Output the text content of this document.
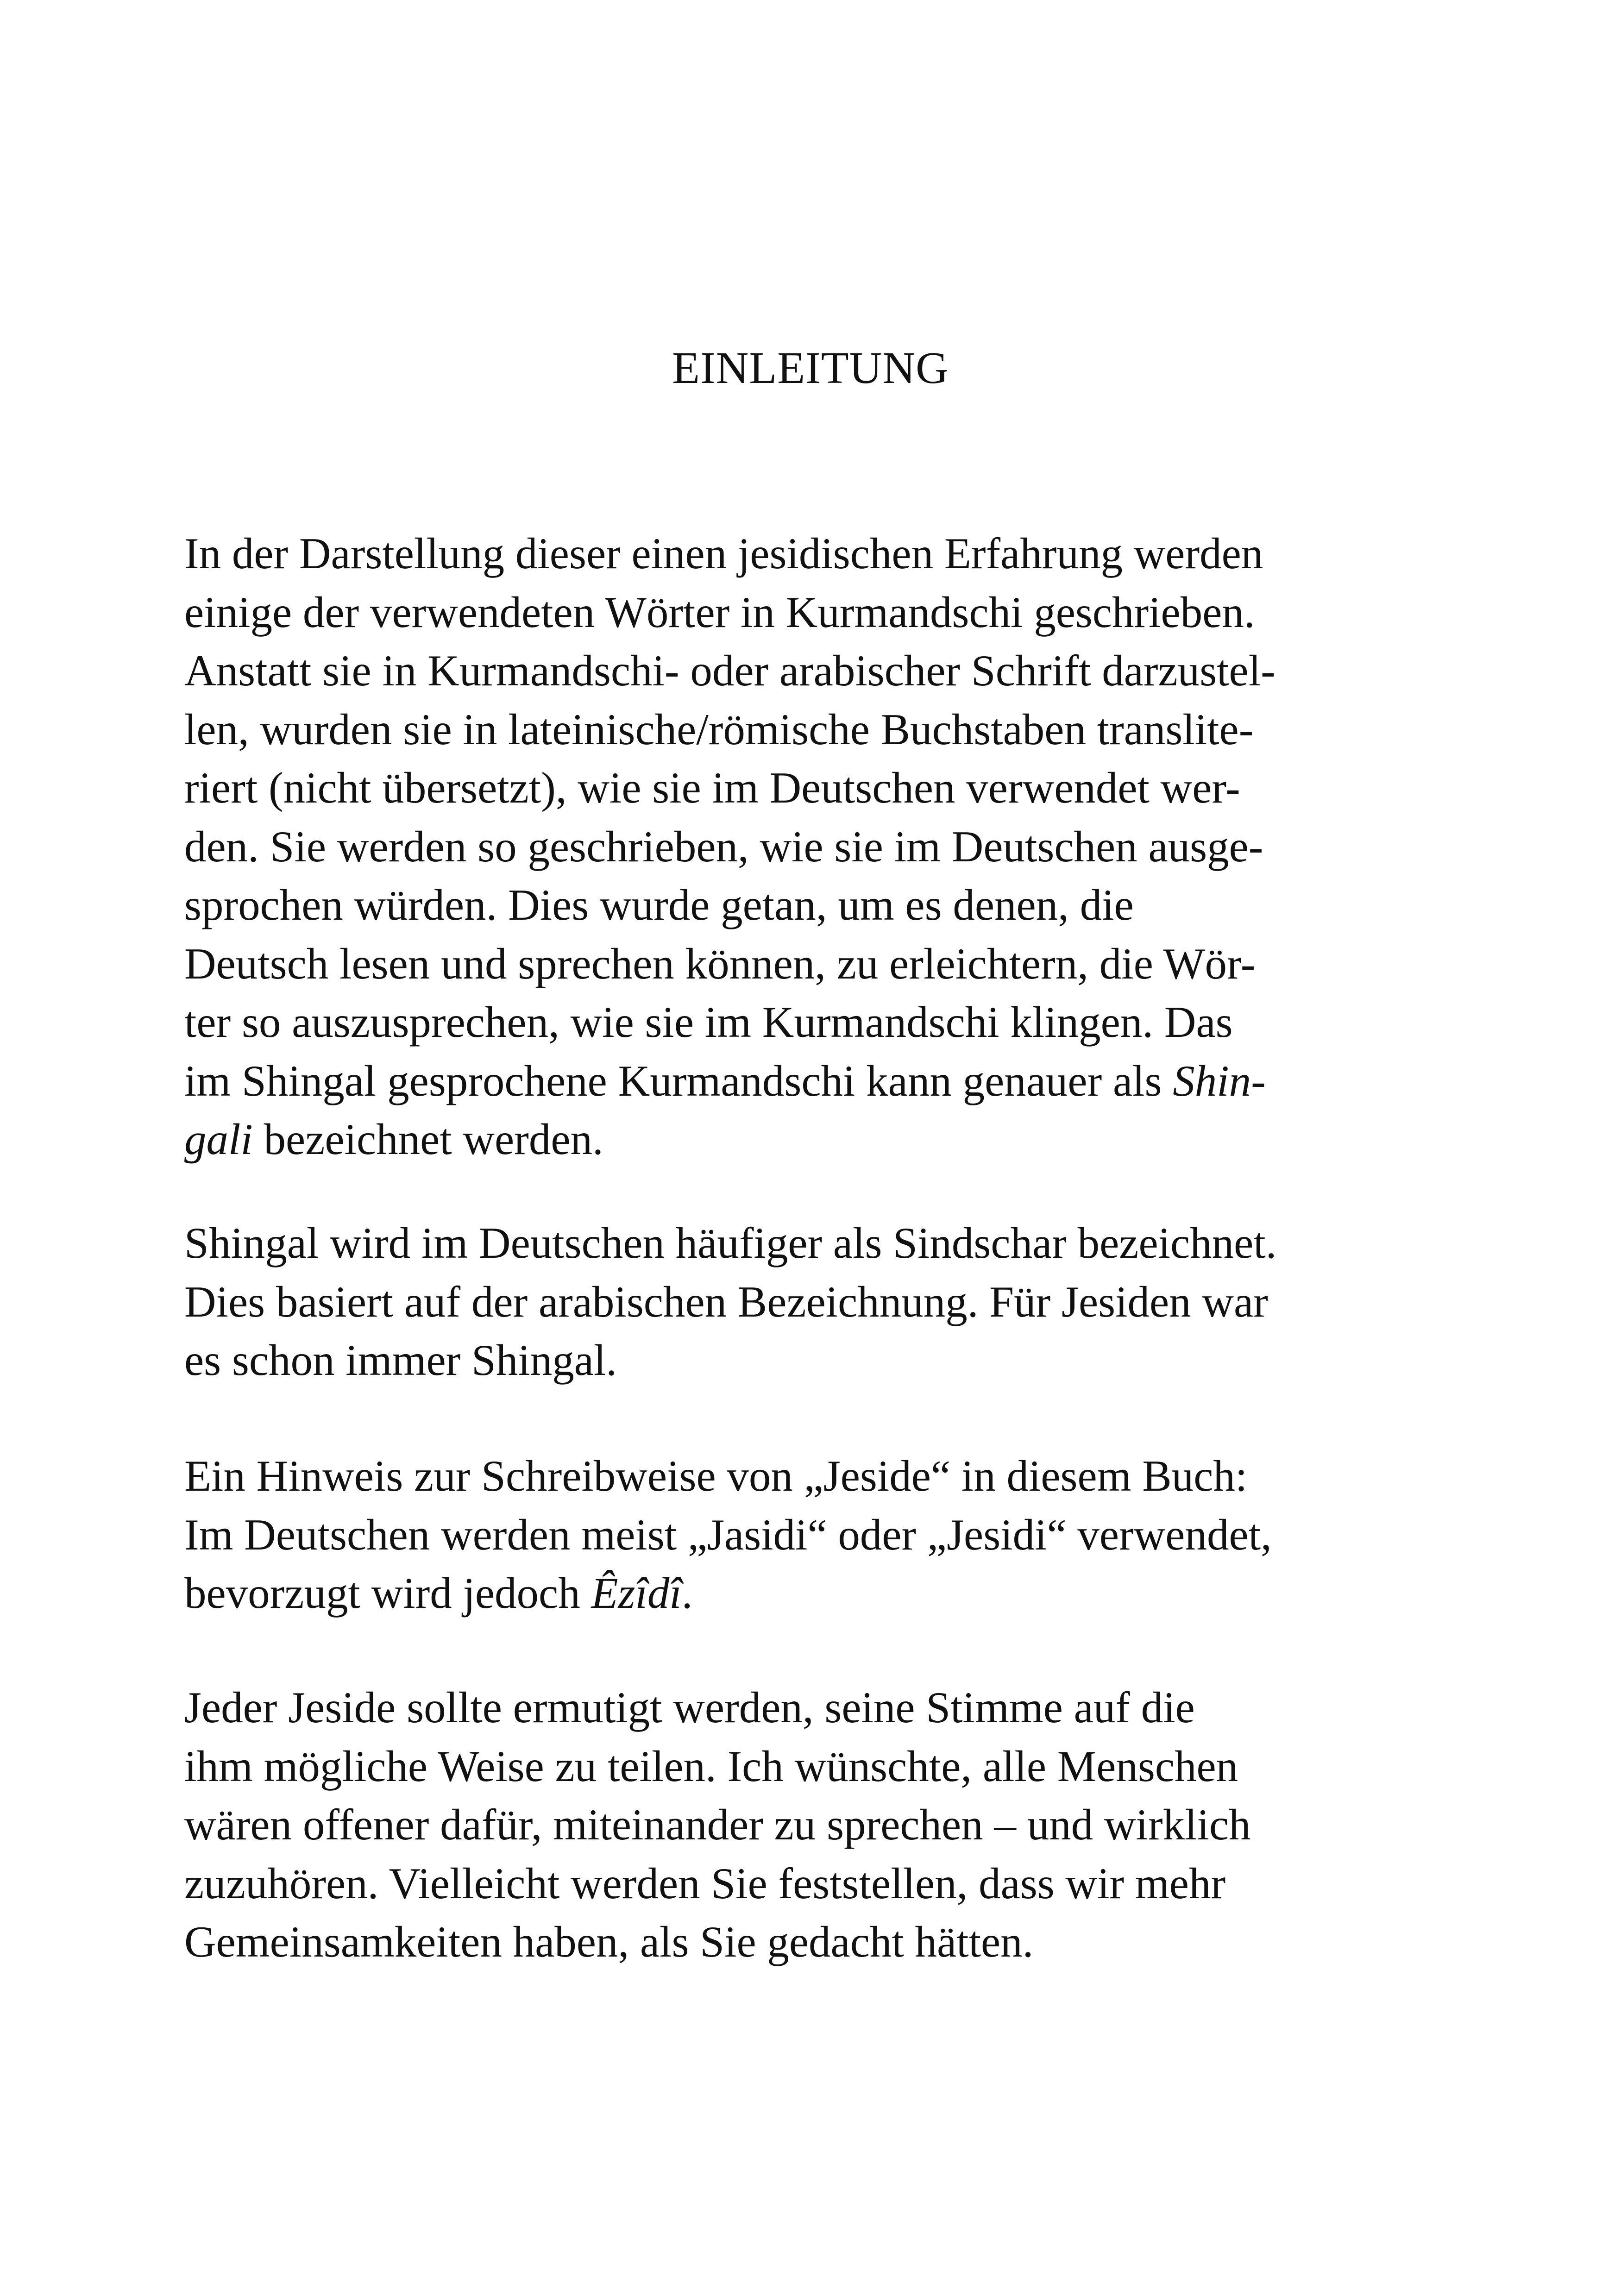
EINLEITUNG

In der Darstellung dieser einen jesidischen Erfahrung werden
einige der verwendeten Wörter in Kurmandschi geschrieben.
Anstatt sie in Kurmandschi- oder arabischer Schrift darzustel-
len, wurden sie in lateinische/römische Buchstaben translite-
riert (nicht übersetzt), wie sie im Deutschen verwendet wer-
den. Sie werden so geschrieben, wie sie im Deutschen ausge-
sprochen würden. Dies wurde getan, um es denen, die
Deutsch lesen und sprechen können, zu erleichtern, die Wör-
ter so auszusprechen, wie sie im Kurmandschi klingen. Das
im Shingal gesprochene Kurmandschi kann genauer als Shin-
gali bezeichnet werden.

Shingal wird im Deutschen häufiger als Sindschar bezeichnet.
Dies basiert auf der arabischen Bezeichnung. Für Jesiden war
es schon immer Shingal.

Ein Hinweis zur Schreibweise von „Jeside“ in diesem Buch:
Im Deutschen werden meist „Jasidi“ oder „Jesidi“ verwendet,
bevorzugt wird jedoch Êzîdî.

Jeder Jeside sollte ermutigt werden, seine Stimme auf die
ihm mögliche Weise zu teilen. Ich wünschte, alle Menschen
wären offener dafür, miteinander zu sprechen – und wirklich
zuzuhören. Vielleicht werden Sie feststellen, dass wir mehr
Gemeinsamkeiten haben, als Sie gedacht hätten.
